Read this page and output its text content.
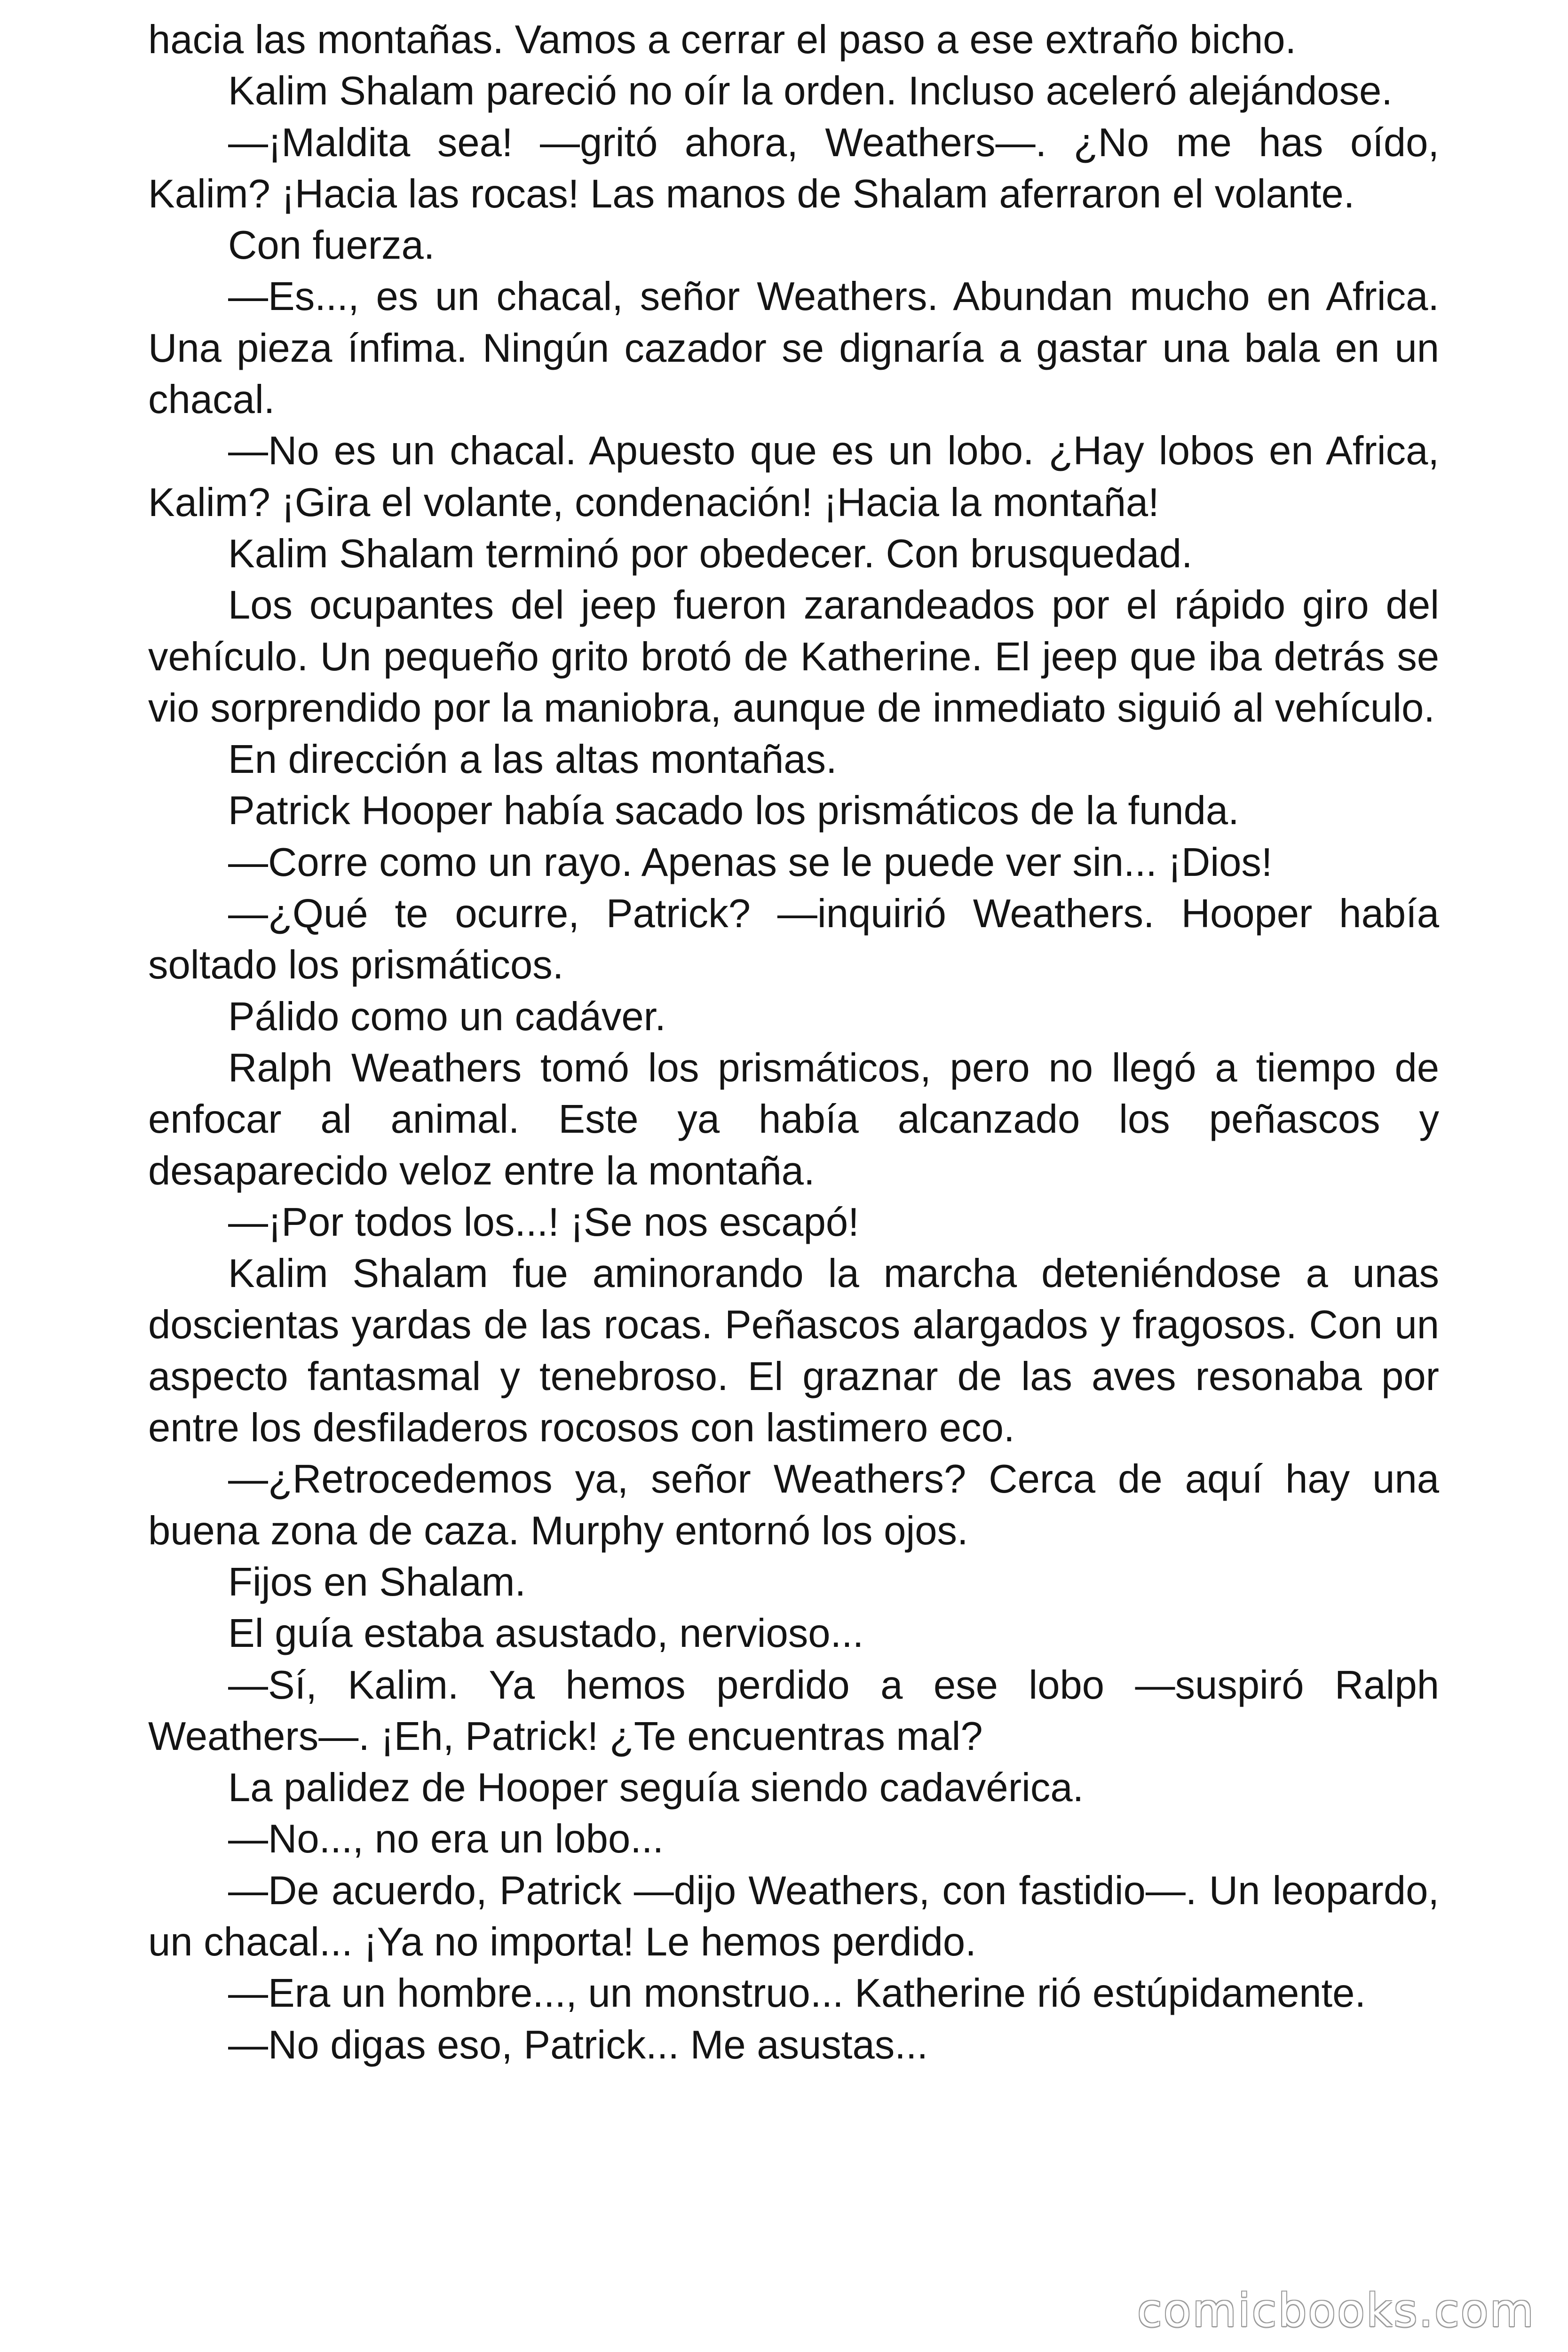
hacia las montañas. Vamos a cerrar el paso a ese extraño bicho.

Kalim Shalam pareció no oír la orden. Incluso aceleró alejándose.

—¡Maldita sea! —gritó ahora, Weathers—. ¿No me has oído, Kalim? ¡Hacia las rocas! Las manos de Shalam aferraron el volante.

Con fuerza.

—Es..., es un chacal, señor Weathers. Abundan mucho en Africa. Una pieza ínfima. Ningún cazador se dignaría a gastar una bala en un chacal.

—No es un chacal. Apuesto que es un lobo. ¿Hay lobos en Africa, Kalim? ¡Gira el volante, condenación! ¡Hacia la montaña!

Kalim Shalam terminó por obedecer. Con brusquedad.

Los ocupantes del jeep fueron zarandeados por el rápido giro del vehículo. Un pequeño grito brotó de Katherine. El jeep que iba detrás se vio sorprendido por la maniobra, aunque de inmediato siguió al vehículo.

En dirección a las altas montañas.

Patrick Hooper había sacado los prismáticos de la funda.

—Corre como un rayo. Apenas se le puede ver sin... ¡Dios!

—¿Qué te ocurre, Patrick? —inquirió Weathers. Hooper había soltado los prismáticos.

Pálido como un cadáver.

Ralph Weathers tomó los prismáticos, pero no llegó a tiempo de enfocar al animal. Este ya había alcanzado los peñascos y desaparecido veloz entre la montaña.

—¡Por todos los...! ¡Se nos escapó!

Kalim Shalam fue aminorando la marcha deteniéndose a unas doscientas yardas de las rocas. Peñascos alargados y fragosos. Con un aspecto fantasmal y tenebroso. El graznar de las aves resonaba por entre los desfiladeros rocosos con lastimero eco.

—¿Retrocedemos ya, señor Weathers? Cerca de aquí hay una buena zona de caza. Murphy entornó los ojos.

Fijos en Shalam.

El guía estaba asustado, nervioso...

—Sí, Kalim. Ya hemos perdido a ese lobo —suspiró Ralph Weathers—. ¡Eh, Patrick! ¿Te encuentras mal?

La palidez de Hooper seguía siendo cadavérica.

—No..., no era un lobo...

—De acuerdo, Patrick —dijo Weathers, con fastidio—. Un leopardo, un chacal... ¡Ya no importa! Le hemos perdido.

—Era un hombre..., un monstruo... Katherine rió estúpidamente.

—No digas eso, Patrick... Me asustas...

comicbooks.com
